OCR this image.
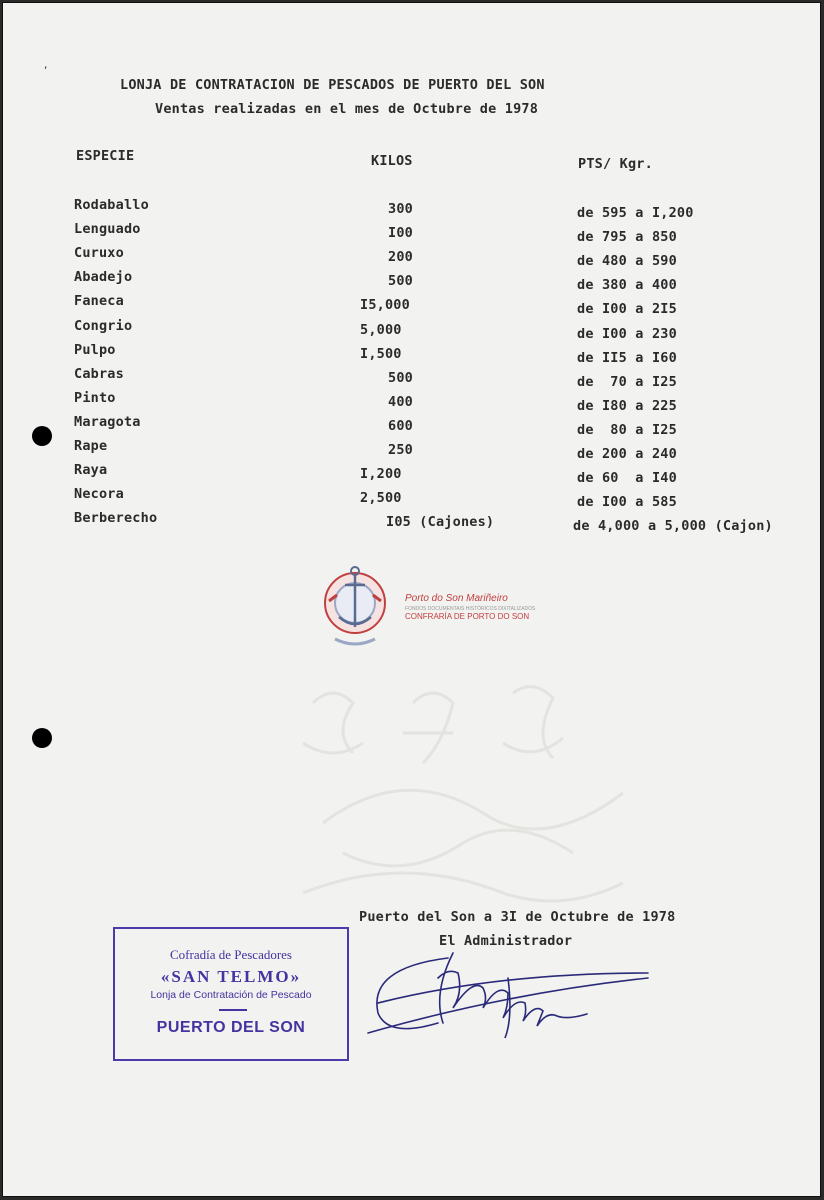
,
LONJA DE CONTRATACION DE PESCADOS DE PUERTO DEL SON
Ventas realizadas en el mes de Octubre de 1978
ESPECIE	KILOS	PTS/ Kgr.
Rodaballo	300	de 595 a I,200
Lenguado	I00	de 795 a 850
Curuxo	200	de 480 a 590
Abadejo	500	de 380 a 400
Faneca	I5,000	de I00 a 2I5
Congrio	5,000	de I00 a 230
Pulpo	I,500	de II5 a I60
Cabras	500	de  70 a I25
Pinto	400	de I80 a 225
Maragota	600	de  80 a I25
Rape	250	de 200 a 240
Raya	I,200	de 60  a I40
Necora	2,500	de I00 a 585
Berberecho	I05 (Cajones)	de 4,000 a 5,000 (Cajon)
Porto do Son Mariñeiro
FONDOS DOCUMENTAIS HISTÓRICOS DIXITALIZADOS
CONFRARÍA DE PORTO DO SON
Puerto del Son a 3I de Octubre de 1978
El Administrador
Cofradía de Pescadores
«SAN TELMO»
Lonja de Contratación de Pescado
PUERTO DEL SON
